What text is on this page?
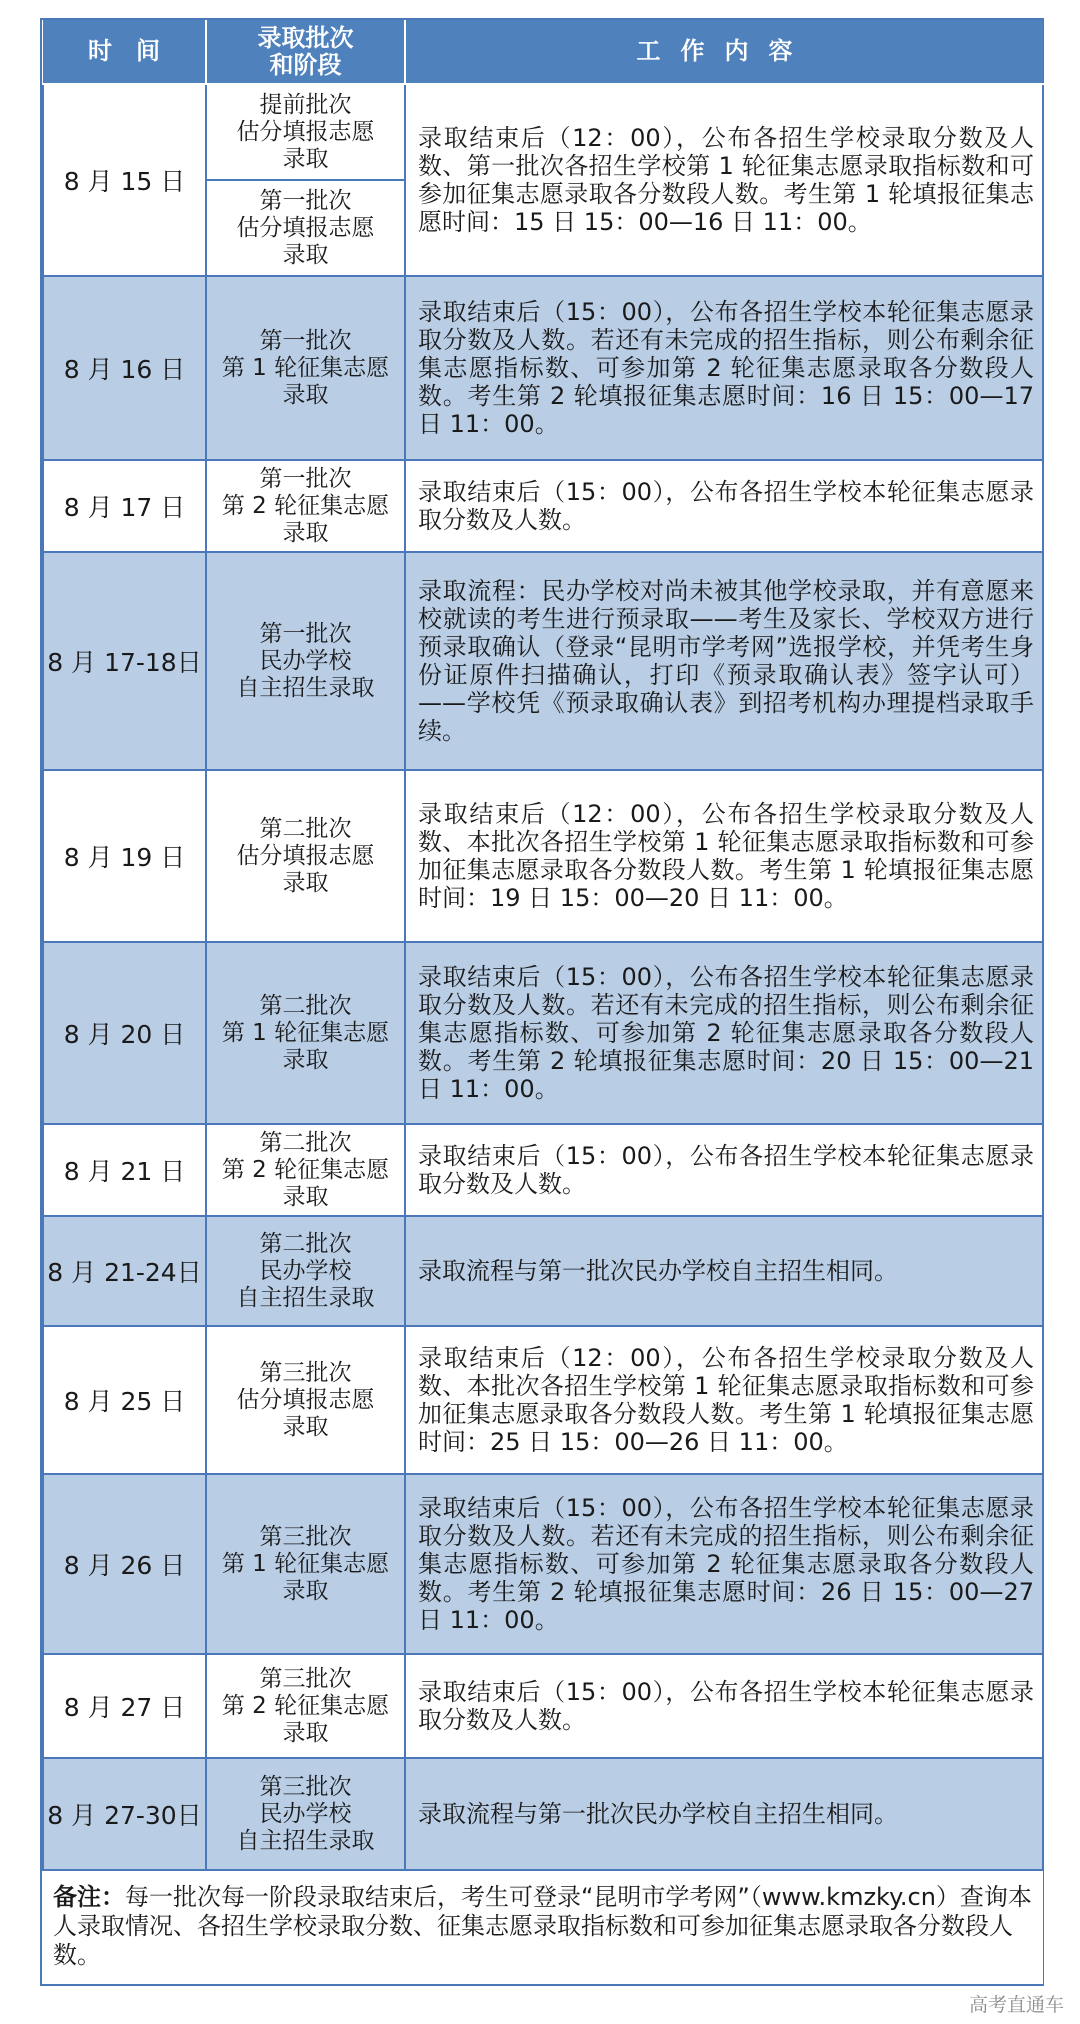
时　间	录取批次
和阶段	工作内容
8 月 15 日	提前批次
估分填报志愿
录取	录取结束后（12：00），公布各招生学校录取分数及人数、第一批次各招生学校第 1 轮征集志愿录取指标数和可参加征集志愿录取各分数段人数。考生第 1 轮填报征集志愿时间：15 日 15：00—16 日 11：00。
	第一批次
估分填报志愿
录取	
8 月 16 日	第一批次
第 1 轮征集志愿
录取	录取结束后（15：00），公布各招生学校本轮征集志愿录取分数及人数。若还有未完成的招生指标，则公布剩余征集志愿指标数、可参加第 2 轮征集志愿录取各分数段人数。考生第 2 轮填报征集志愿时间：16 日 15：00—17 日 11：00。
8 月 17 日	第一批次
第 2 轮征集志愿
录取	录取结束后（15：00），公布各招生学校本轮征集志愿录取分数及人数。
8 月 17-18日	第一批次
民办学校
自主招生录取	录取流程：民办学校对尚未被其他学校录取，并有意愿来校就读的考生进行预录取——考生及家长、学校双方进行预录取确认（登录“昆明市学考网”选报学校，并凭考生身份证原件扫描确认，打印《预录取确认表》签字认可）——学校凭《预录取确认表》到招考机构办理提档录取手续。
8 月 19 日	第二批次
估分填报志愿
录取	录取结束后（12：00），公布各招生学校录取分数及人数、本批次各招生学校第 1 轮征集志愿录取指标数和可参加征集志愿录取各分数段人数。考生第 1 轮填报征集志愿时间：19 日 15：00—20 日 11：00。
8 月 20 日	第二批次
第 1 轮征集志愿
录取	录取结束后（15：00），公布各招生学校本轮征集志愿录取分数及人数。若还有未完成的招生指标，则公布剩余征集志愿指标数、可参加第 2 轮征集志愿录取各分数段人数。考生第 2 轮填报征集志愿时间：20 日 15：00—21 日 11：00。
8 月 21 日	第二批次
第 2 轮征集志愿
录取	录取结束后（15：00），公布各招生学校本轮征集志愿录取分数及人数。
8 月 21-24日	第二批次
民办学校
自主招生录取	录取流程与第一批次民办学校自主招生相同。
8 月 25 日	第三批次
估分填报志愿
录取	录取结束后（12：00），公布各招生学校录取分数及人数、本批次各招生学校第 1 轮征集志愿录取指标数和可参加征集志愿录取各分数段人数。考生第 1 轮填报征集志愿时间：25 日 15：00—26 日 11：00。
8 月 26 日	第三批次
第 1 轮征集志愿
录取	录取结束后（15：00），公布各招生学校本轮征集志愿录取分数及人数。若还有未完成的招生指标，则公布剩余征集志愿指标数、可参加第 2 轮征集志愿录取各分数段人数。考生第 2 轮填报征集志愿时间：26 日 15：00—27 日 11：00。
8 月 27 日	第三批次
第 2 轮征集志愿
录取	录取结束后（15：00），公布各招生学校本轮征集志愿录取分数及人数。
8 月 27-30日	第三批次
民办学校
自主招生录取	录取流程与第一批次民办学校自主招生相同。
备注：每一批次每一阶段录取结束后，考生可登录“昆明市学考网”（www.kmzky.cn）查询本人录取情况、各招生学校录取分数、征集志愿录取指标数和可参加征集志愿录取各分数段人数。		
高考直通车
